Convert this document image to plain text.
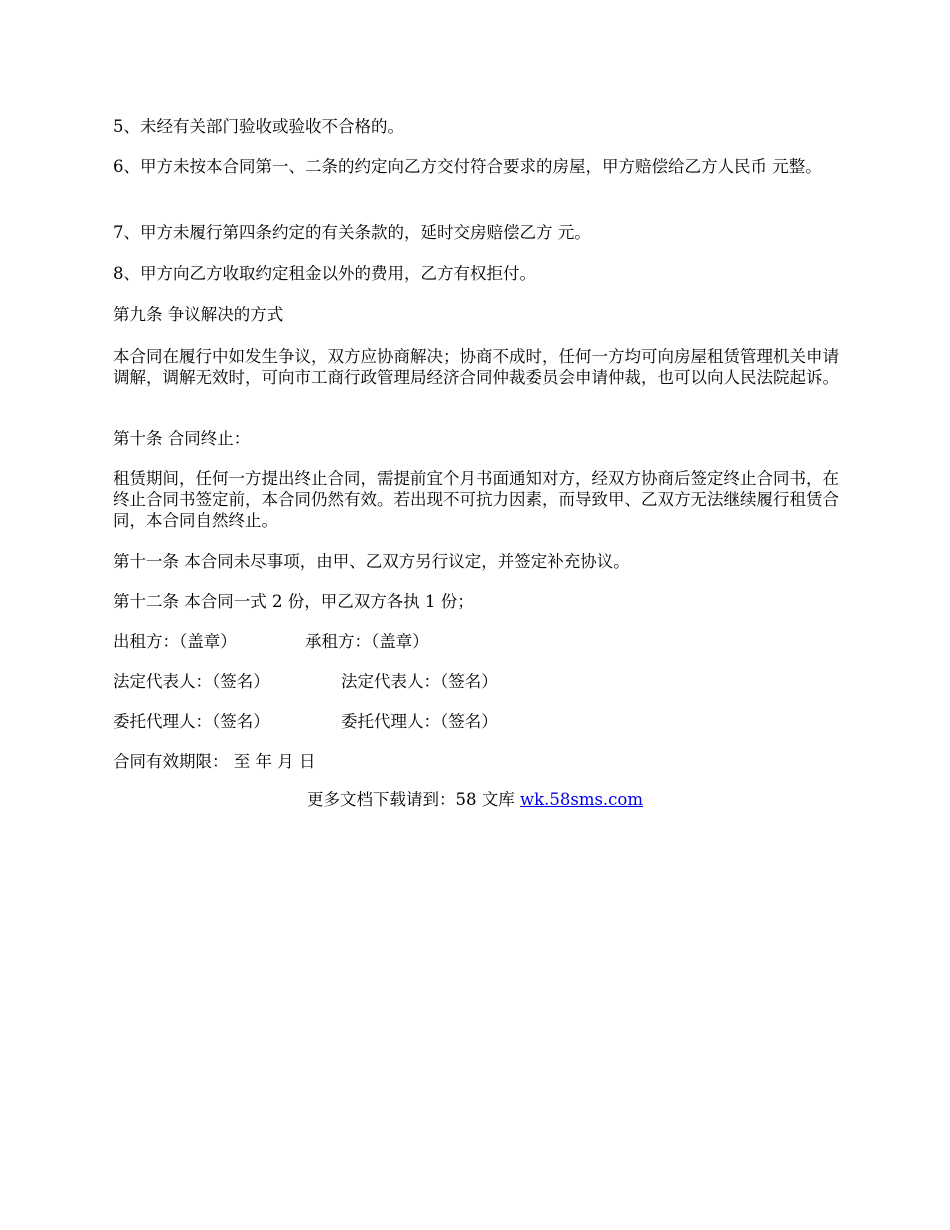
5、未经有关部门验收或验收不合格的。

6、甲方未按本合同第一、二条的约定向乙方交付符合要求的房屋，甲方赔偿给乙方人民币 元整。

7、甲方未履行第四条约定的有关条款的，延时交房赔偿乙方 元。

8、甲方向乙方收取约定租金以外的费用，乙方有权拒付。

第九条 争议解决的方式

本合同在履行中如发生争议，双方应协商解决；协商不成时，任何一方均可向房屋租赁管理机关申请调解，调解无效时，可向市工商行政管理局经济合同仲裁委员会申请仲裁，也可以向人民法院起诉。

第十条 合同终止：

租赁期间，任何一方提出终止合同，需提前宜个月书面通知对方，经双方协商后签定终止合同书，在终止合同书签定前，本合同仍然有效。若出现不可抗力因素，而导致甲、乙双方无法继续履行租赁合同，本合同自然终止。

第十一条 本合同未尽事项，由甲、乙双方另行议定，并签定补充协议。

第十二条 本合同一式 2 份，甲乙双方各执 1 份；

出租方：（盖章）	承租方：（盖章）
法定代表人：（签名）	法定代表人：（签名）
委托代理人：（签名）	委托代理人：（签名）

合同有效期限： 至 年 月 日

更多文档下载请到：58 文库 wk.58sms.com
